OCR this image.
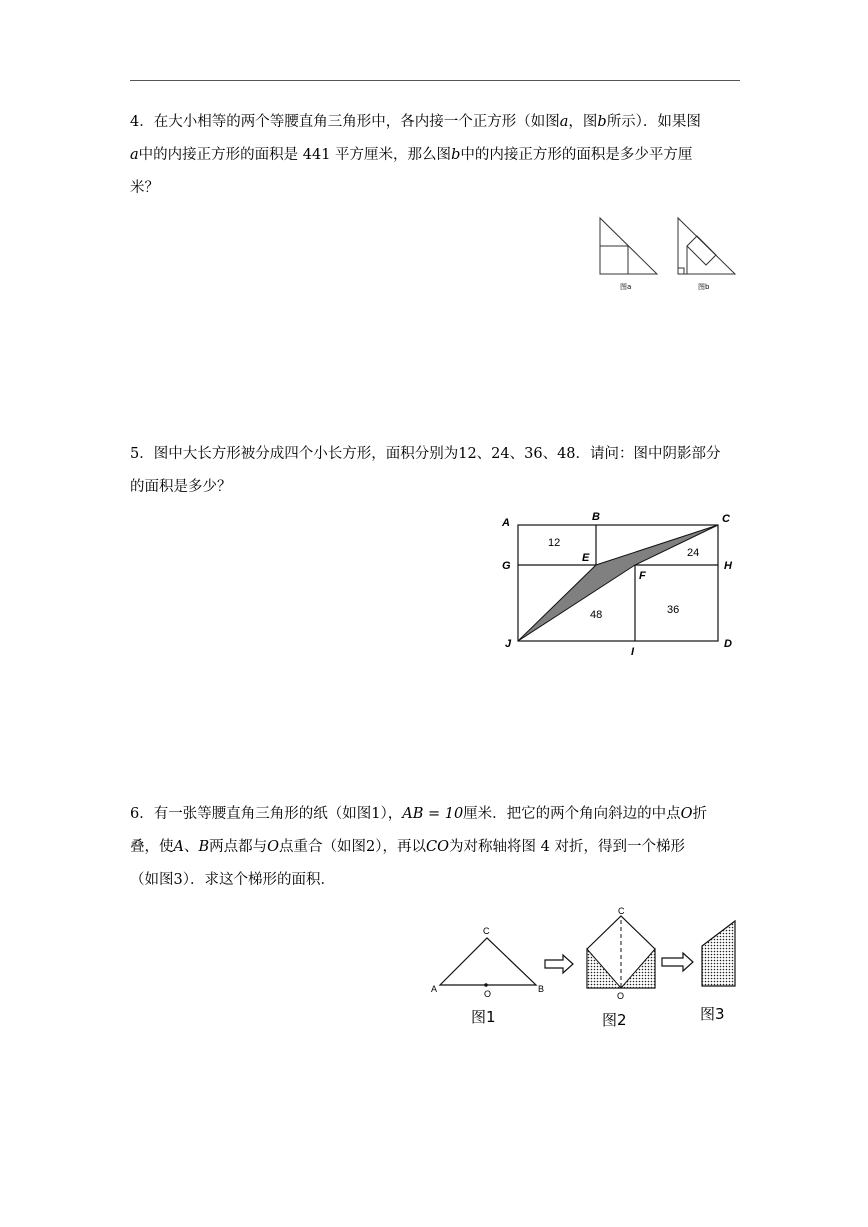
4．在大小相等的两个等腰直角三角形中，各内接一个正方形（如图a，图b所示）．如果图

a中的内接正方形的面积是 441 平方厘米，那么图b中的内接正方形的面积是多少平方厘

米？

图a	图b

5．图中大长方形被分成四个小长方形，面积分别为12、24、36、48．请问：图中阴影部分

的面积是多少？

A	B	C
G
E
F
H
J
I
D
12
24
48	36

6．有一张等腰直角三角形的纸（如图1），AB = 10厘米．把它的两个角向斜边的中点O折

叠，使A、B两点都与O点重合（如图2），再以CO为对称轴将图 4 对折，得到一个梯形

（如图3）．求这个梯形的面积．

C
A	B
O
C
O
图1	图2	图3
